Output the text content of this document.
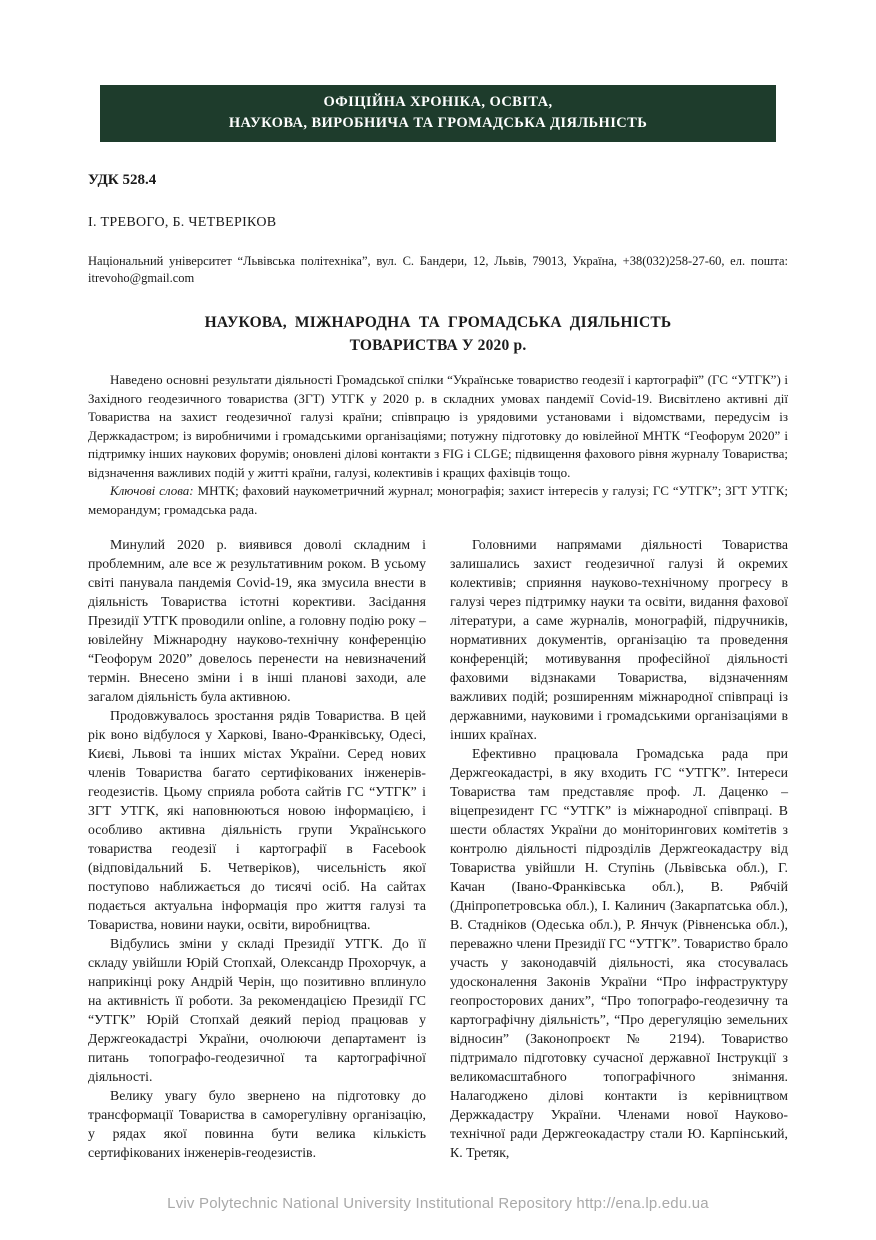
ОФІЦІЙНА ХРОНІКА, ОСВІТА,
НАУКОВА, ВИРОБНИЧА ТА ГРОМАДСЬКА ДІЯЛЬНІСТЬ
УДК 528.4
І. ТРЕВОГО, Б. ЧЕТВЕРІКОВ

Національний університет “Львівська політехніка”, вул. С. Бандери, 12, Львів, 79013, Україна, +38(032)258-27-60, ел. пошта: itrevoho@gmail.com

НАУКОВА, МІЖНАРОДНА ТА ГРОМАДСЬКА ДІЯЛЬНІСТЬ
ТОВАРИСТВА У 2020 р.

Наведено основні результати діяльності Громадської спілки “Українське товариство геодезії і картографії” (ГС “УТГК”) і Західного геодезичного товариства (ЗГТ) УТГК у 2020 р. в складних умовах пандемії Covid-19. Висвітлено активні дії Товариства на захист геодезичної галузі країни; співпрацю із урядовими установами і відомствами, передусім із Держкадастром; із виробничими і громадськими організаціями; потужну підготовку до ювілейної МНТК “Геофорум 2020” і підтримку інших наукових форумів; оновлені ділові контакти з FIG і CLGE; підвищення фахового рівня журналу Товариства; відзначення важливих подій у житті країни, галузі, колективів і кращих фахівців тощо.

Ключові слова: МНТК; фаховий наукометричний журнал; монографія; захист інтересів у галузі; ГС “УТГК”; ЗГТ УТГК; меморандум; громадська рада.

Минулий 2020 р. виявився доволі складним і проблемним, але все ж результативним роком. В усьому світі панувала пандемія Covid-19, яка змусила внести в діяльність Товариства істотні корективи. Засідання Президії УТГК проводили online, а головну подію року – ювілейну Міжнародну науково-технічну конференцію “Геофорум 2020” довелось перенести на невизначений термін. Внесено зміни і в інші планові заходи, але загалом діяльність була активною.

Продовжувалось зростання рядів Товариства. В цей рік воно відбулося у Харкові, Івано-Франківську, Одесі, Києві, Львові та інших містах України. Серед нових членів Товариства багато сертифікованих інженерів-геодезистів. Цьому сприяла робота сайтів ГС “УТГК” і ЗГТ УТГК, які наповнюються новою інформацією, і особливо активна діяльність групи Українського товариства геодезії і картографії в Facebook (відповідальний Б. Четверіков), чисельність якої поступово наближається до тисячі осіб. На сайтах подається актуальна інформація про життя галузі та Товариства, новини науки, освіти, виробництва.

Відбулись зміни у складі Президії УТГК. До її складу увійшли Юрій Стопхай, Олександр Прохорчук, а наприкінці року Андрій Черін, що позитивно вплинуло на активність її роботи. За рекомендацією Президії ГС “УТГК” Юрій Стопхай деякий період працював у Держгеокадастрі України, очолюючи департамент із питань топографо-геодезичної та картографічної діяльності.

Велику увагу було звернено на підготовку до трансформації Товариства в саморегулівну організацію, у рядах якої повинна бути велика кількість сертифікованих інженерів-геодезистів.

Головними напрямами діяльності Товариства залишались захист геодезичної галузі й окремих колективів; сприяння науково-технічному прогресу в галузі через підтримку науки та освіти, видання фахової літератури, а саме журналів, монографій, підручників, нормативних документів, організацію та проведення конференцій; мотивування професійної діяльності фаховими відзнаками Товариства, відзначенням важливих подій; розширенням міжнародної співпраці із державними, науковими і громадськими організаціями в інших країнах.

Ефективно працювала Громадська рада при Держгеокадастрі, в яку входить ГС “УТГК”. Інтереси Товариства там представляє проф. Л. Даценко – віцепрезидент ГС “УТГК” із міжнародної співпраці. В шести областях України до моніторингових комітетів з контролю діяльності підрозділів Держгеокадастру від Товариства увійшли Н. Ступінь (Львівська обл.), Г. Качан (Івано-Франківська обл.), В. Рябчій (Дніпропетровська обл.), І. Калинич (Закарпатська обл.), В. Стадніков (Одеська обл.), Р. Янчук (Рівненська обл.), переважно члени Президії ГС “УТГК”. Товариство брало участь у законодавчій діяльності, яка стосувалась удосконалення Законів України “Про інфраструктуру геопросторових даних”, “Про топографо-геодезичну та картографічну діяльність”, “Про дерегуляцію земельних відносин” (Законопроєкт № 2194). Товариство підтримало підготовку сучасної державної Інструкції з великомасштабного топографічного знімання. Налагоджено ділові контакти із керівництвом Держкадастру України. Членами нової Науково-технічної ради Держгеокадастру стали Ю. Карпінський, К. Третяк,

Lviv Polytechnic National University Institutional Repository http://ena.lp.edu.ua
